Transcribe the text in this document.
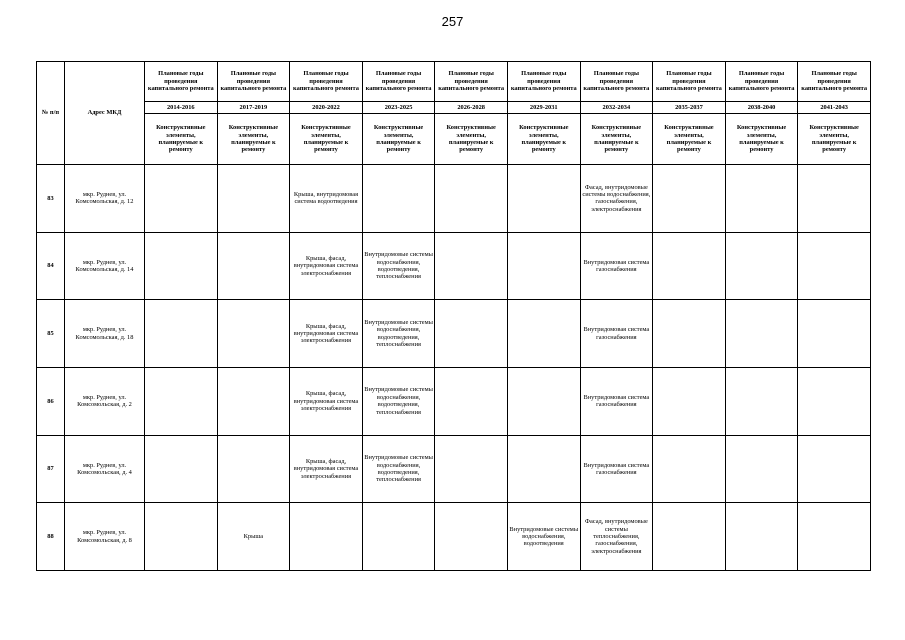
257
№ п/п	Адрес МКД	Плановые годы проведения капитального ремонта	Плановые годы проведения капитального ремонта	Плановые годы проведения капитального ремонта	Плановые годы проведения капитального ремонта	Плановые годы проведения капитального ремонта	Плановые годы проведения капитального ремонта	Плановые годы проведения капитального ремонта	Плановые годы проведения капитального ремонта	Плановые годы проведения капитального ремонта	Плановые годы проведения капитального ремонта
		2014-2016	2017-2019	2020-2022	2023-2025	2026-2028	2029-2031	2032-2034	2035-2037	2038-2040	2041-2043
		Конструктивные элементы, планируемые к ремонту	Конструктивные элементы, планируемые к ремонту	Конструктивные элементы, планируемые к ремонту	Конструктивные элементы, планируемые к ремонту	Конструктивные элементы, планируемые к ремонту	Конструктивные элементы, планируемые к ремонту	Конструктивные элементы, планируемые к ремонту	Конструктивные элементы, планируемые к ремонту	Конструктивные элементы, планируемые к ремонту	Конструктивные элементы, планируемые к ремонту
83	мкр. Руднев, ул. Комсомольская, д. 12			Крыша, внутридомовая система водоотведения				Фасад, внутридомовые системы водоснабжения, газоснабжения, электроснабжения			
84	мкр. Руднев, ул. Комсомольская, д. 14			Крыша, фасад, внутридомовая система электроснабжения	Внутридомовые системы водоснабжения, водоотведения, теплоснабжения			Внутридомовая система газоснабжения			
85	мкр. Руднев, ул. Комсомольская, д. 18			Крыша, фасад, внутридомовая система электроснабжения	Внутридомовые системы водоснабжения, водоотведения, теплоснабжения			Внутридомовая система газоснабжения			
86	мкр. Руднев, ул. Комсомольская, д. 2			Крыша, фасад, внутридомовая система электроснабжения	Внутридомовые системы водоснабжения, водоотведения, теплоснабжения			Внутридомовая система газоснабжения			
87	мкр. Руднев, ул. Комсомольская, д. 4			Крыша, фасад, внутридомовая система электроснабжения	Внутридомовые системы водоснабжения, водоотведения, теплоснабжения			Внутридомовая система газоснабжения			
88	мкр. Руднев, ул. Комсомольская, д. 8		Крыша				Внутридомовые системы водоснабжения, водоотведения	Фасад, внутридомовые системы теплоснабжения, газоснабжения, электроснабжения			
